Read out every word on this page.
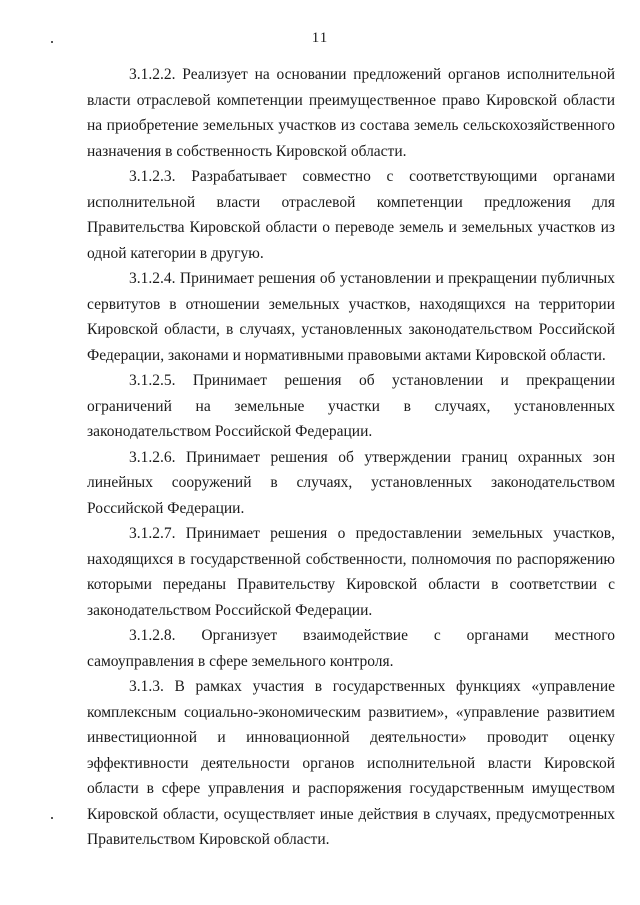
11

3.1.2.2. Реализует на основании предложений органов исполнительной власти отраслевой компетенции преимущественное право Кировской области на приобретение земельных участков из состава земель сельскохозяйственного назначения в собственность Кировской области.

3.1.2.3. Разрабатывает совместно с соответствующими органами исполнительной власти отраслевой компетенции предложения для Правительства Кировской области о переводе земель и земельных участков из одной категории в другую.

3.1.2.4. Принимает решения об установлении и прекращении публичных сервитутов в отношении земельных участков, находящихся на территории Кировской области, в случаях, установленных законодательством Российской Федерации, законами и нормативными правовыми актами Кировской области.

3.1.2.5. Принимает решения об установлении и прекращении ограничений на земельные участки в случаях, установленных законодательством Российской Федерации.

3.1.2.6. Принимает решения об утверждении границ охранных зон линейных сооружений в случаях, установленных законодательством Российской Федерации.

3.1.2.7. Принимает решения о предоставлении земельных участков, находящихся в государственной собственности, полномочия по распоряжению которыми переданы Правительству Кировской области в соответствии с законодательством Российской Федерации.

3.1.2.8. Организует взаимодействие с органами местного самоуправления в сфере земельного контроля.

3.1.3. В рамках участия в государственных функциях «управление комплексным социально-экономическим развитием», «управление развитием инвестиционной и инновационной деятельности» проводит оценку эффективности деятельности органов исполнительной власти Кировской области в сфере управления и распоряжения государственным имуществом Кировской области, осуществляет иные действия в случаях, предусмотренных Правительством Кировской области.
